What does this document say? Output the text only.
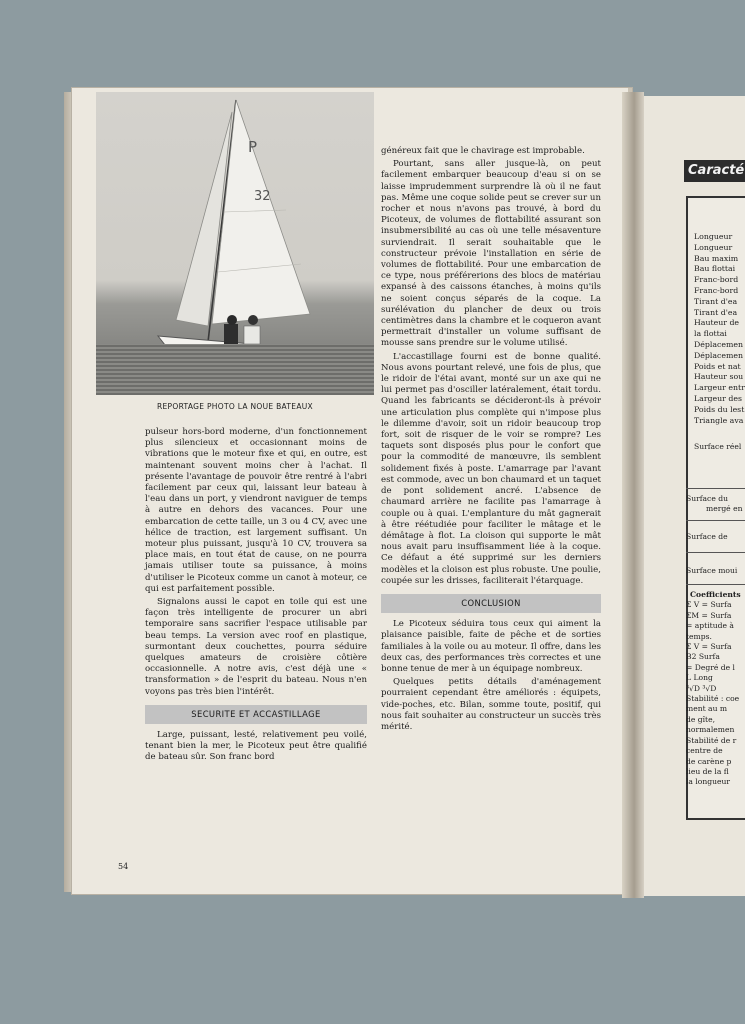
P
32
REPORTAGE PHOTO LA NOUE BATEAUX

pulseur hors-bord moderne, d'un fonctionnement plus silencieux et occasionnant moins de vibrations que le moteur fixe et qui, en outre, est maintenant souvent moins cher à l'achat. Il présente l'avantage de pouvoir être rentré à l'abri facilement par ceux qui, laissant leur bateau à l'eau dans un port, y viendront naviguer de temps à autre en dehors des vacances. Pour une embarcation de cette taille, un 3 ou 4 CV, avec une hélice de traction, est largement suffisant. Un moteur plus puissant, jusqu'à 10 CV, trouvera sa place mais, en tout état de cause, on ne pourra jamais utiliser toute sa puissance, à moins d'utiliser le Picoteux comme un canot à moteur, ce qui est parfaitement possible.

Signalons aussi le capot en toile qui est une façon très intelligente de procurer un abri temporaire sans sacrifier l'espace utilisable par beau temps. La version avec roof en plastique, surmontant deux couchettes, pourra séduire quelques amateurs de croisière côtière occasionnelle. A notre avis, c'est déjà une « transformation » de l'esprit du bateau. Nous n'en voyons pas très bien l'intérêt.

SECURITE ET ACCASTILLAGE

Large, puissant, lesté, relativement peu voilé, tenant bien la mer, le Picoteux peut être qualifié de bateau sûr. Son franc bord

généreux fait que le chavirage est improbable.

Pourtant, sans aller jusque-là, on peut facilement embarquer beaucoup d'eau si on se laisse imprudemment surprendre là où il ne faut pas. Même une coque solide peut se crever sur un rocher et nous n'avons pas trouvé, à bord du Picoteux, de volumes de flottabilité assurant son insubmersibilité au cas où une telle mésaventure surviendrait. Il serait souhaitable que le constructeur prévoie l'installation en série de volumes de flottabilité. Pour une embarcation de ce type, nous préférerions des blocs de matériau expansé à des caissons étanches, à moins qu'ils ne soient conçus séparés de la coque. La surélévation du plancher de deux ou trois centimètres dans la chambre et le coqueron avant permettrait d'installer un volume suffisant de mousse sans prendre sur le volume utilisé.

L'accastillage fourni est de bonne qualité. Nous avons pourtant relevé, une fois de plus, que le ridoir de l'étai avant, monté sur un axe qui ne lui permet pas d'osciller latéralement, était tordu. Quand les fabricants se décideront-ils à prévoir une articulation plus complète qui n'impose plus le dilemme d'avoir, soit un ridoir beaucoup trop fort, soit de risquer de le voir se rompre? Les taquets sont disposés plus pour le confort que pour la commodité de manœuvre, ils semblent solidement fixés à poste. L'amarrage par l'avant est commode, avec un bon chaumard et un taquet de pont solidement ancré. L'absence de chaumard arrière ne facilite pas l'amarrage à couple ou à quai. L'emplanture du mât gagnerait à être réétudiée pour faciliter le mâtage et le démâtage à flot. La cloison qui supporte le mât nous avait paru insuffisamment liée à la coque. Ce défaut a été supprimé sur les derniers modèles et la cloison est plus robuste. Une poulie, coupée sur les drisses, faciliterait l'étarquage.

CONCLUSION

Le Picoteux séduira tous ceux qui aiment la plaisance paisible, faite de pêche et de sorties familiales à la voile ou au moteur. Il offre, dans les deux cas, des performances très correctes et une bonne tenue de mer à un équipage nombreux.

Quelques petits détails d'aménagement pourraient cependant être améliorés : équipets, vide-poches, etc. Bilan, somme toute, positif, qui nous fait souhaiter au constructeur un succès très mérité.

54
Caracté
Longueur
Longueur
Bau maxim
Bau flottai
Franc-bord
Franc-bord
Tirant d'ea
Tirant d'ea
Hauteur de
la flottai
Déplacemen
Déplacemen
Poids et nat
Hauteur sou
Largeur entr
Largeur des
Poids du lest
Triangle ava
Surface réel
Surface du
mergé en
Surface de
Surface moui
Coefficients
Σ V = Surfa
ΣM = Surfa
= aptitude à
temps.
Σ V = Surfa
B2 Surfa
= Degré de l
L Long
³√D ³√D
Stabilité : coe
ment au m
de gîte,
normalemen
Stabilité de r
centre de
de carène p
lieu de la fl
la longueur
